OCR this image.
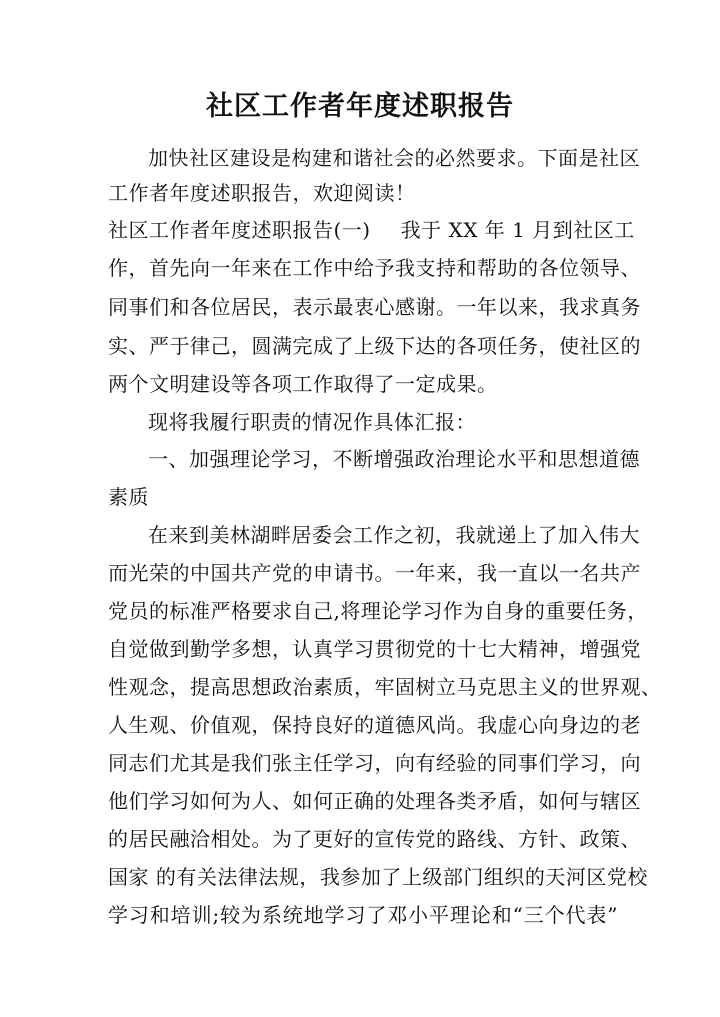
社区工作者年度述职报告
加快社区建设是构建和谐社会的必然要求。下面是社区
工作者年度述职报告，欢迎阅读！
社区工作者年度述职报告(一) 我于 XX 年 1 月到社区工
作，首先向一年来在工作中给予我支持和帮助的各位领导、
同事们和各位居民，表示最衷心感谢。一年以来，我求真务
实、严于律己，圆满完成了上级下达的各项任务，使社区的
两个文明建设等各项工作取得了一定成果。
现将我履行职责的情况作具体汇报：
一、加强理论学习，不断增强政治理论水平和思想道德
素质
在来到美林湖畔居委会工作之初，我就递上了加入伟大
而光荣的中国共产党的申请书。一年来，我一直以一名共产
党员的标准严格要求自己,将理论学习作为自身的重要任务，
自觉做到勤学多想，认真学习贯彻党的十七大精神，增强党
性观念，提高思想政治素质，牢固树立马克思主义的世界观、
人生观、价值观，保持良好的道德风尚。我虚心向身边的老
同志们尤其是我们张主任学习，向有经验的同事们学习，向
他们学习如何为人、如何正确的处理各类矛盾，如何与辖区
的居民融洽相处。为了更好的宣传党的路线、方针、政策、
国家 的有关法律法规，我参加了上级部门组织的天河区党校
学习和培训;较为系统地学习了邓小平理论和“三个代表”
